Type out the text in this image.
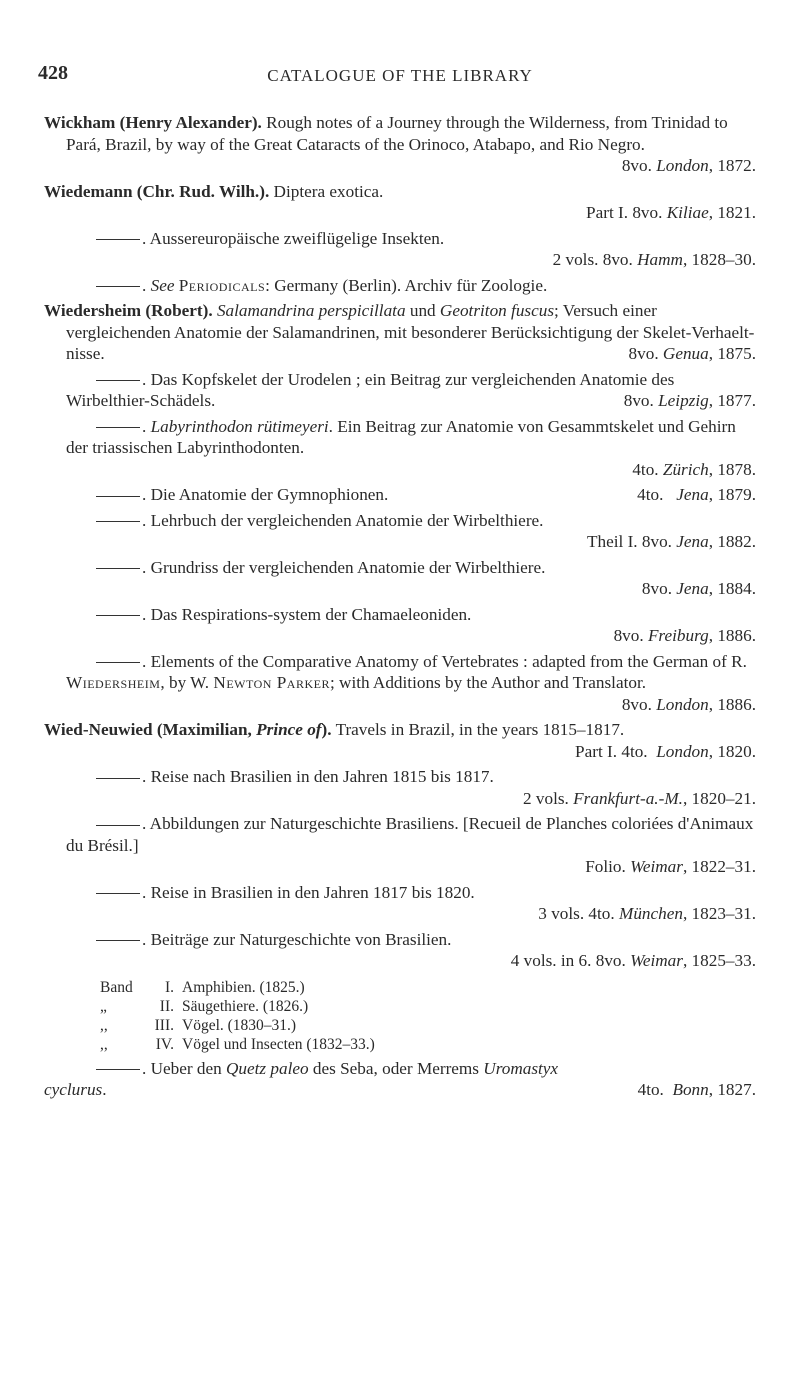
428	CATALOGUE OF THE LIBRARY
Wickham (Henry Alexander). Rough notes of a Journey through the Wilderness, from Trinidad to Pará, Brazil, by way of the Great Cataracts of the Orinoco, Atabapo, and Rio Negro.
8vo. London, 1872.
Wiedemann (Chr. Rud. Wilh.). Diptera exotica.
Part I. 8vo. Kiliae, 1821.
. Aussereuropäische zweiflügelige Insekten.
2 vols. 8vo. Hamm, 1828–30.
. See Periodicals: Germany (Berlin). Archiv für Zoologie.
Wiedersheim (Robert). Salamandrina perspicillata und Geotriton fuscus; Versuch einer vergleichenden Anatomie der Salamandrinen, mit besonderer Berücksichtigung der Skelet-Verhaelt-nisse.	8vo. Genua, 1875.
. Das Kopfskelet der Urodelen ; ein Beitrag zur vergleichenden Anatomie des Wirbelthier-Schädels.	8vo. Leipzig, 1877.
. Labyrinthodon rütimeyeri. Ein Beitrag zur Anatomie von Gesammtskelet und Gehirn der triassischen Labyrinthodonten.
4to. Zürich, 1878.
. Die Anatomie der Gymnophionen.	4to. Jena, 1879.
. Lehrbuch der vergleichenden Anatomie der Wirbelthiere.
Theil I. 8vo. Jena, 1882.
. Grundriss der vergleichenden Anatomie der Wirbelthiere.
8vo. Jena, 1884.
. Das Respirations-system der Chamaeleoniden.
8vo. Freiburg, 1886.
. Elements of the Comparative Anatomy of Vertebrates : adapted from the German of R. Wiedersheim, by W. Newton Parker; with Additions by the Author and Translator.
8vo. London, 1886.
Wied-Neuwied (Maximilian, Prince of). Travels in Brazil, in the years 1815–1817.
Part I. 4to. London, 1820.
. Reise nach Brasilien in den Jahren 1815 bis 1817.
2 vols. Frankfurt-a.-M., 1820–21.
. Abbildungen zur Naturgeschichte Brasiliens. [Recueil de Planches coloriées d'Animaux du Brésil.]
Folio. Weimar, 1822–31.
. Reise in Brasilien in den Jahren 1817 bis 1820.
3 vols. 4to. München, 1823–31.
. Beiträge zur Naturgeschichte von Brasilien.
4 vols. in 6. 8vo. Weimar, 1825–33.
Band	I. Amphibien. (1825.)
„	II. Säugethiere. (1826.)
,,	III. Vögel. (1830–31.)
,,	IV. Vögel und Insecten (1832–33.)
. Ueber den Quetz paleo des Seba, oder Merrems Uromastyx
cyclurus.	4to. Bonn, 1827.
